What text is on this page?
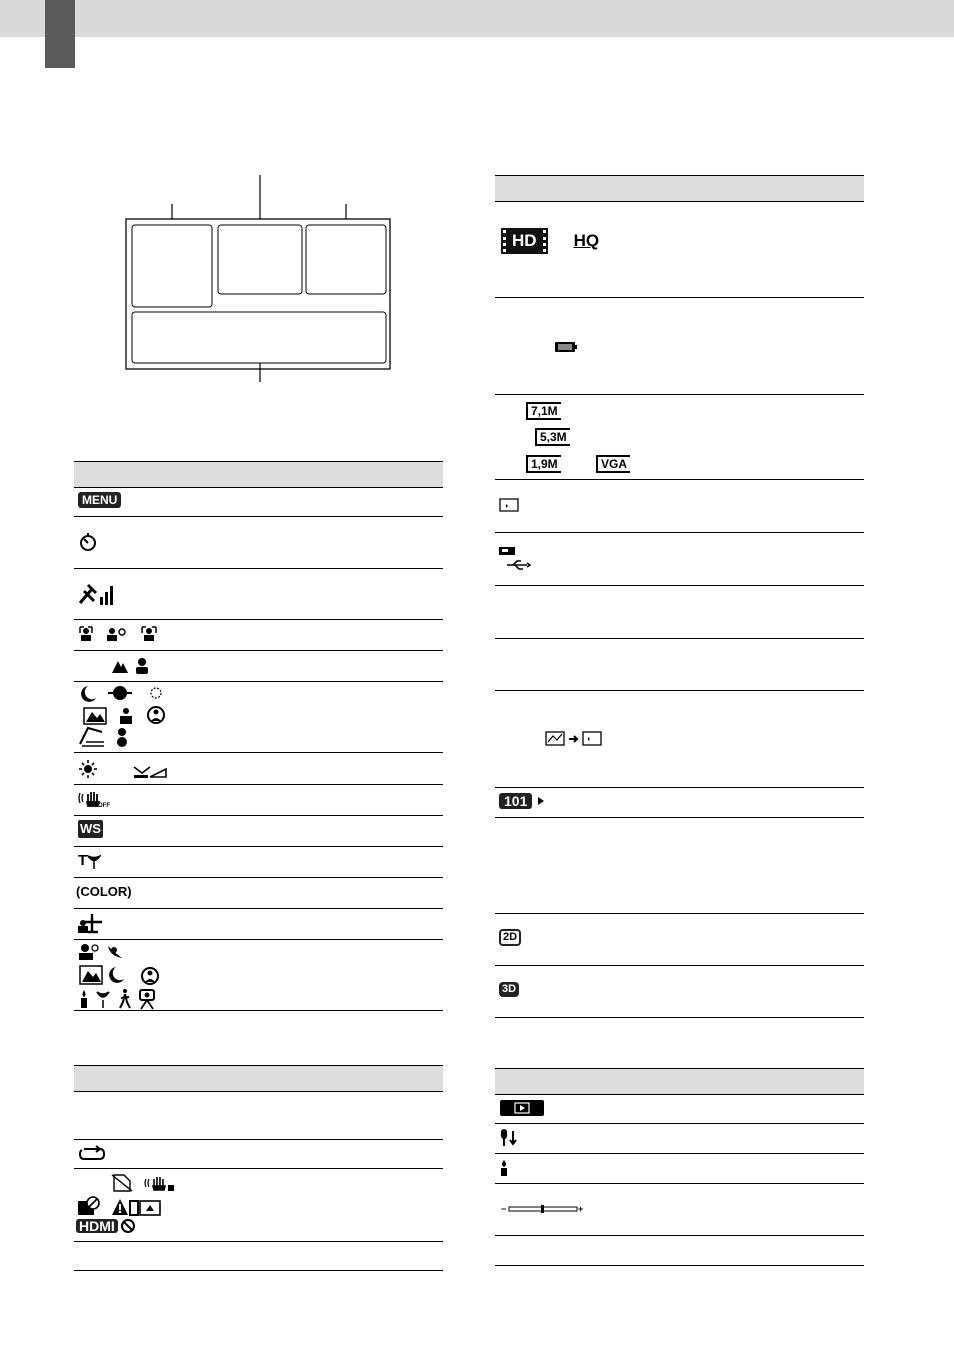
MENU
OFF
WS
T
(COLOR)
HDMI
HD	HQ
7,1M
5,3M
1,9M	VGA
101
2D
3D
−	+
